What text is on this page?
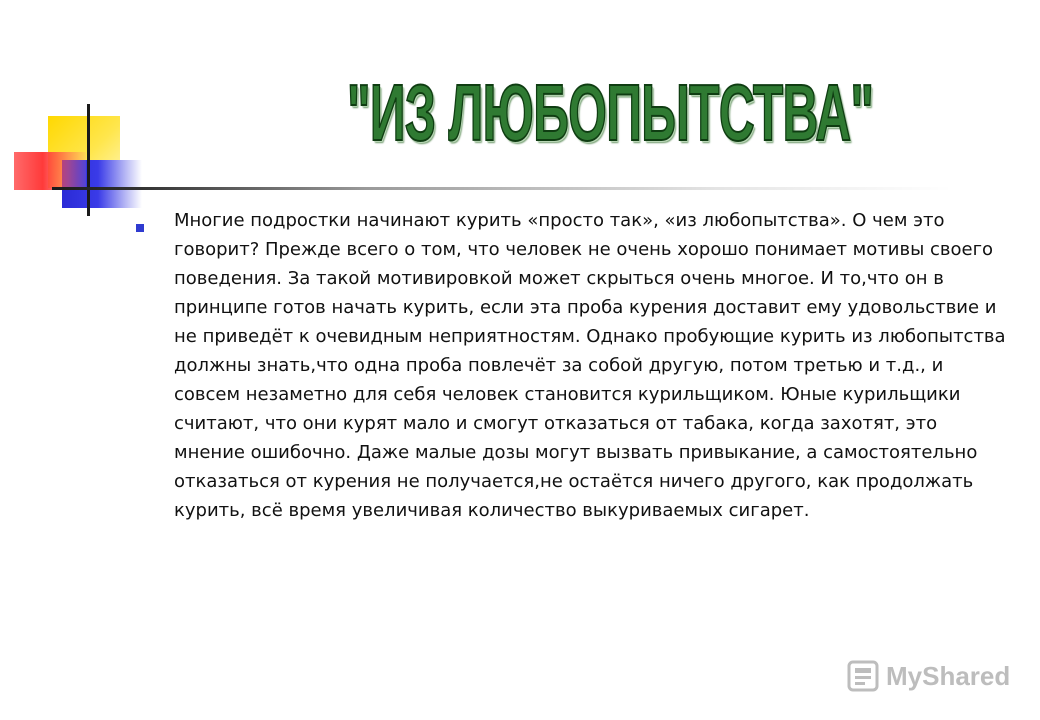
"ИЗ ЛЮБОПЫТСТВА"

Многие подростки начинают курить «просто так», «из любопытства». О чем это говорит? Прежде всего о том, что человек не очень хорошо понимает мотивы своего поведения. За такой мотивировкой может скрыться очень многое. И то,что он в принципе готов начать курить, если эта проба курения доставит ему удовольствие и не приведёт к очевидным неприятностям. Однако пробующие курить из любопытства должны знать,что одна проба повлечёт за собой другую, потом третью и т.д., и совсем незаметно для себя человек становится курильщиком. Юные курильщики считают, что они курят мало и смогут отказаться от табака, когда захотят, это мнение ошибочно. Даже малые дозы могут вызвать привыкание, а самостоятельно отказаться от курения не получается,не остаётся ничего другого, как продолжать курить, всё время увеличивая количество выкуриваемых сигарет.

MyShared
